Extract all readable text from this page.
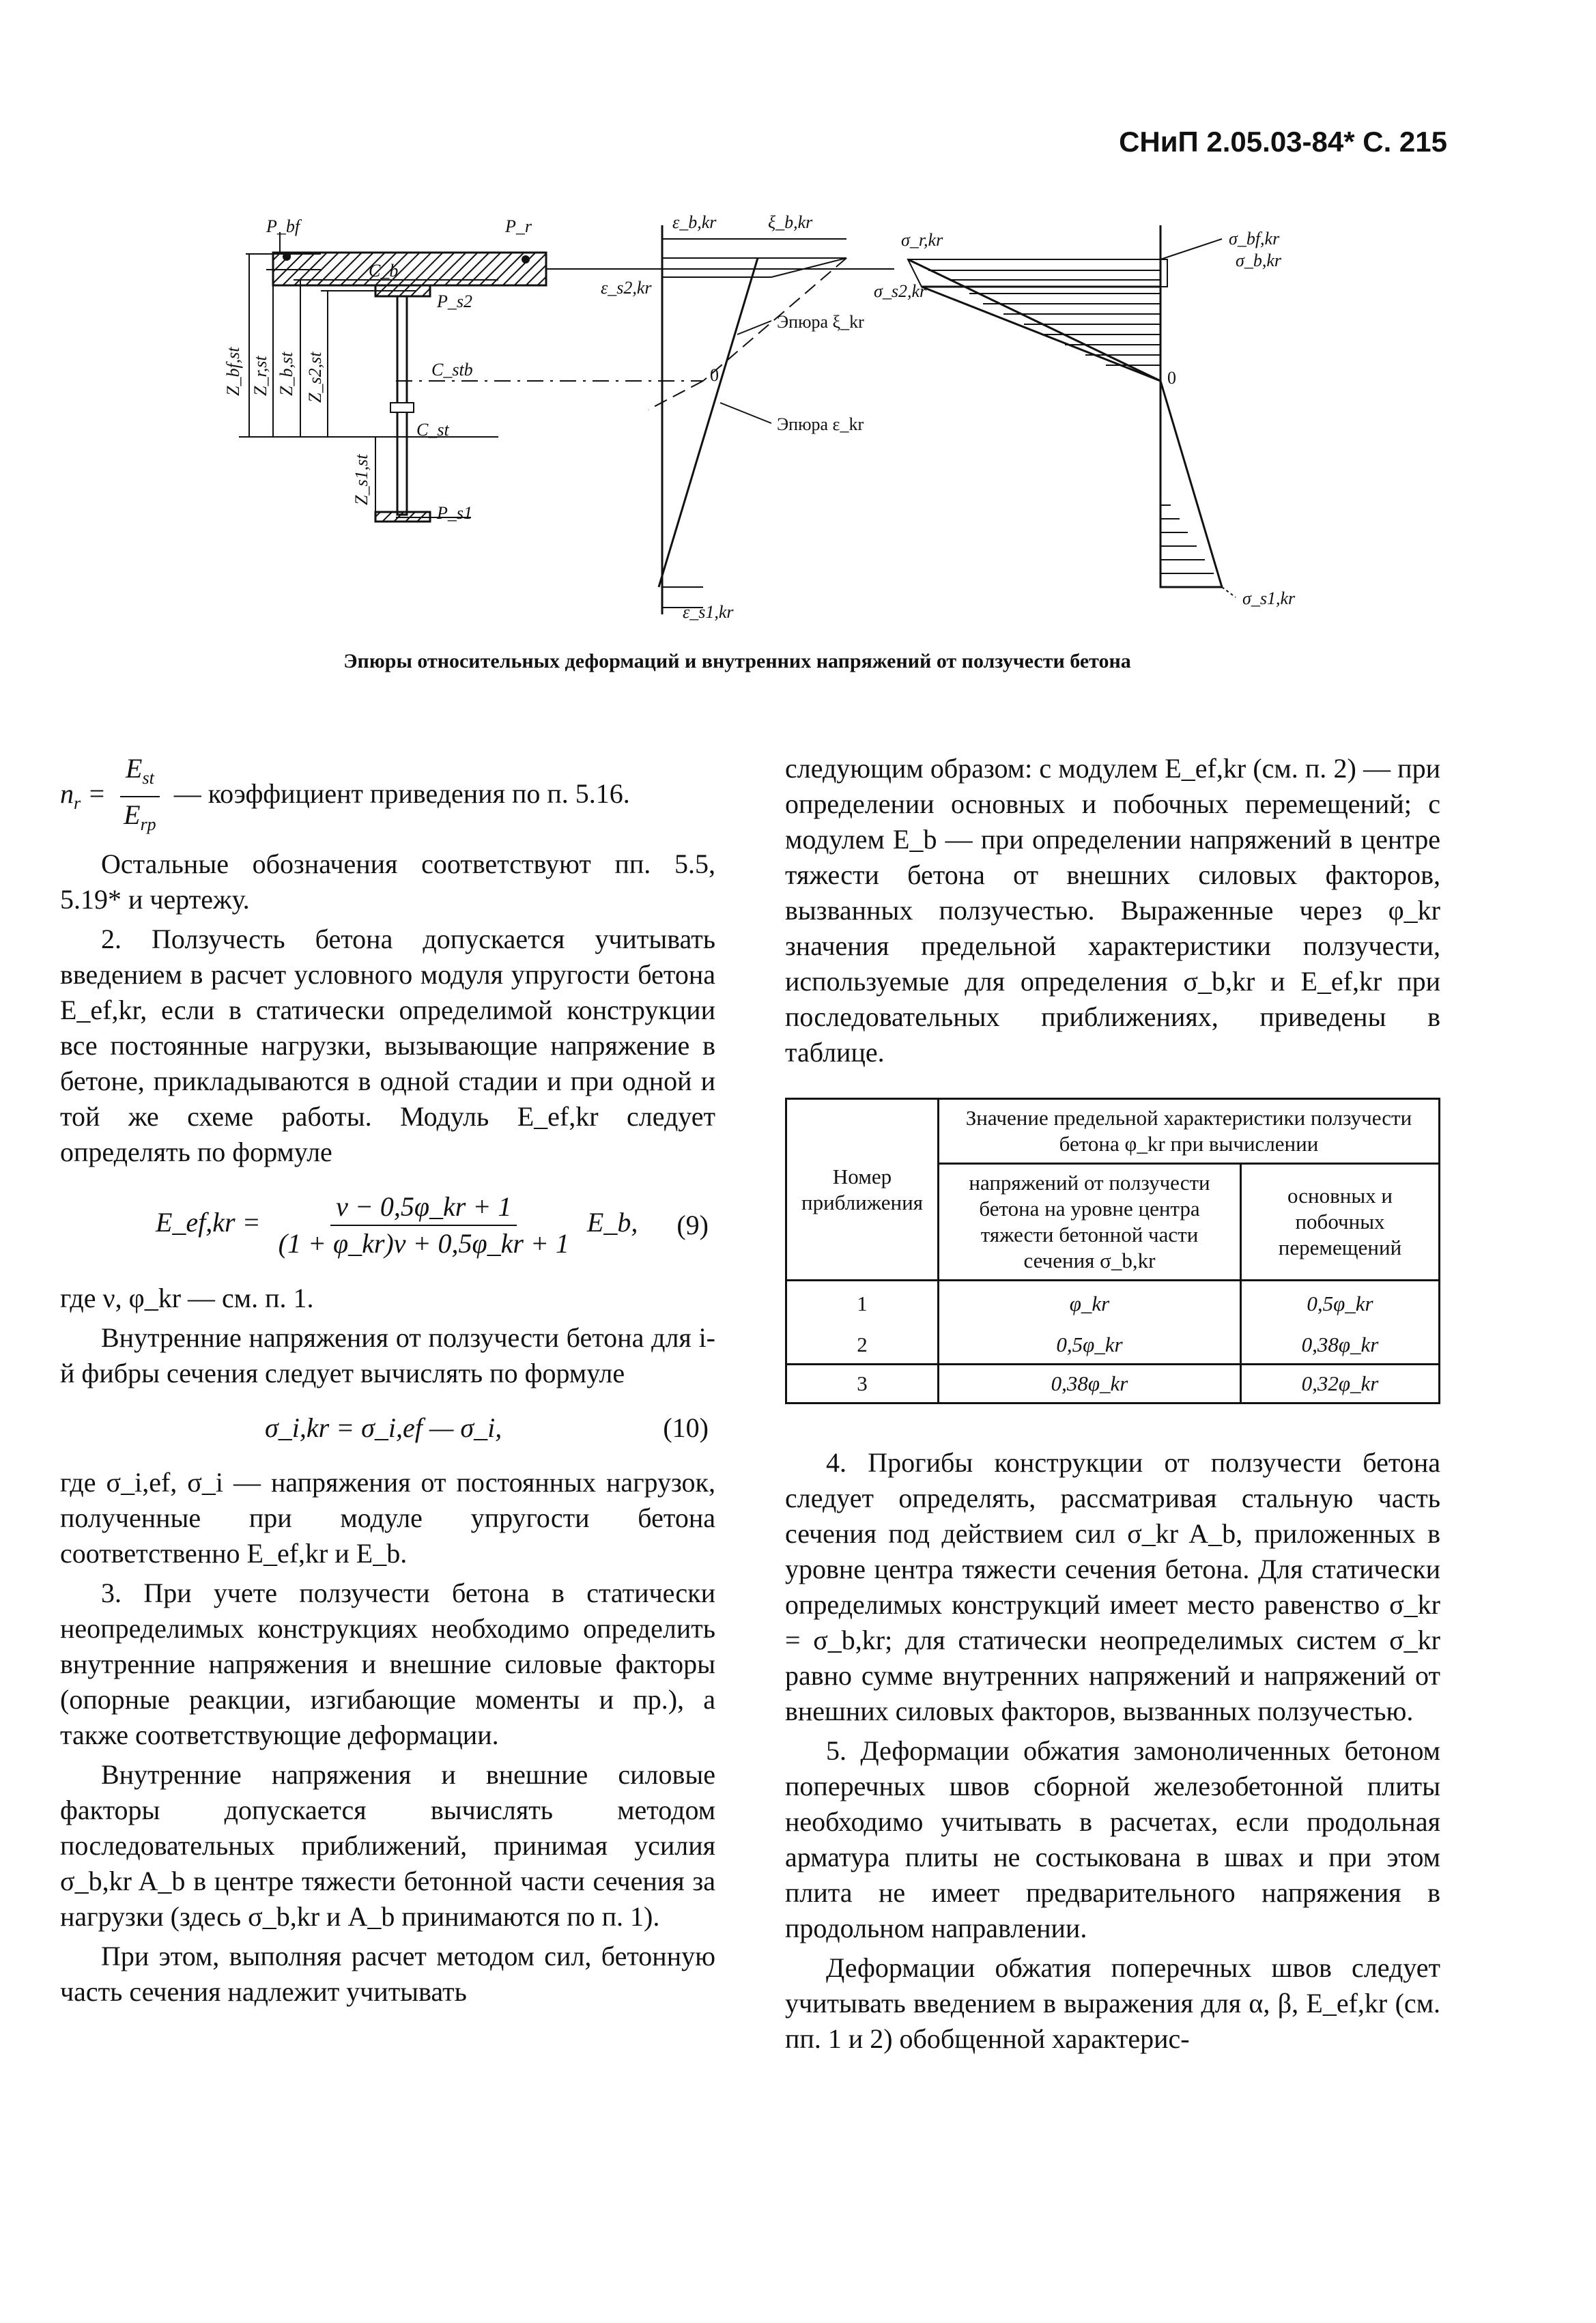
СНиП 2.05.03-84* С. 215
P_bf	P_r
C_b
P_s2
C_stb
C_st
P_s1
Z_bf,st Z_r,st Z_b,st Z_s2,st
Z_s1,st
ε_b,kr	ξ_b,kr
ε_s2,kr
ε_s1,kr
Эпюра ξ_kr
Эпюра ε_kr
0
σ_r,kr
σ_s2,kr
σ_bf,kr
σ_b,kr
0
σ_s1,kr
Эпюры относительных деформаций и внутренних напряжений от ползучести бетона

$n_r = \frac{E_{st}}{E_{rp}}$ — коэффициент приведения по п. 5.16.

Остальные обозначения соответствуют пп. 5.5, 5.19* и чертежу.

2. Ползучесть бетона допускается учитывать введением в расчет условного модуля упругости бетона E_ef,kr, если в статически определимой конструкции все постоянные нагрузки, вызывающие напряжение в бетоне, прикладываются в одной стадии и при одной и той же схеме работы. Модуль E_ef,kr следует определять по формуле

E_ef,kr = $\frac{\nu - 0,5\varphi\_kr + 1}{(1 + \varphi\_kr)\nu + 0,5\varphi\_kr + 1}$ E_b, (9)

где ν, φ_kr — см. п. 1.

Внутренние напряжения от ползучести бетона для i-й фибры сечения следует вычислять по формуле

σ_i,kr = σ_i,ef — σ_i,	(10)

где σ_i,ef, σ_i — напряжения от постоянных нагрузок, полученные при модуле упругости бетона соответственно E_ef,kr и E_b.

3. При учете ползучести бетона в статически неопределимых конструкциях необходимо определить внутренние напряжения и внешние силовые факторы (опорные реакции, изгибающие моменты и пр.), а также соответствующие деформации.

Внутренние напряжения и внешние силовые факторы допускается вычислять методом последовательных приближений, принимая усилия σ_b,kr A_b в центре тяжести бетонной части сечения за нагрузки (здесь σ_b,kr и A_b принимаются по п. 1).

При этом, выполняя расчет методом сил, бетонную часть сечения надлежит учитывать

следующим образом: с модулем E_ef,kr (см. п. 2) — при определении основных и побочных перемещений; с модулем E_b — при определении напряжений в центре тяжести бетона от внешних силовых факторов, вызванных ползучестью. Выраженные через φ_kr значения предельной характеристики ползучести, используемые для определения σ_b,kr и E_ef,kr при последовательных приближениях, приведены в таблице.

Номер приближения	Значение предельной характеристики ползучести бетона φ_kr при вычислении	
	напряжений от ползучести бетона на уровне центра тяжести бетонной части сечения σ_b,kr	основных и побочных перемещений
1	φ_kr	0,5φ_kr
2	0,5φ_kr	0,38φ_kr
3	0,38φ_kr	0,32φ_kr

4. Прогибы конструкции от ползучести бетона следует определять, рассматривая стальную часть сечения под действием сил σ_kr A_b, приложенных в уровне центра тяжести сечения бетона. Для статически определимых конструкций имеет место равенство σ_kr = σ_b,kr; для статически неопределимых систем σ_kr равно сумме внутренних напряжений и напряжений от внешних силовых факторов, вызванных ползучестью.

5. Деформации обжатия замоноличенных бетоном поперечных швов сборной железобетонной плиты необходимо учитывать в расчетах, если продольная арматура плиты не состыкована в швах и при этом плита не имеет предварительного напряжения в продольном направлении.

Деформации обжатия поперечных швов следует учитывать введением в выражения для α, β, E_ef,kr (см. пп. 1 и 2) обобщенной характерис-
